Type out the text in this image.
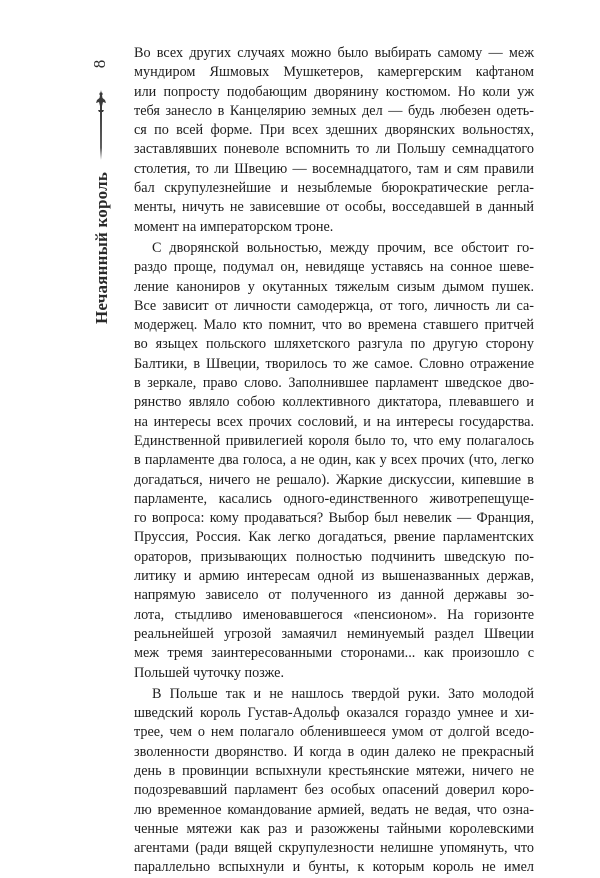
8
Нечаянный король
Во всех других случаях можно было выбирать самому — меж
мундиром Яшмовых Мушкетеров, камергерским кафтаном
или попросту подобающим дворянину костюмом. Но коли уж
тебя занесло в Канцелярию земных дел — будь любезен одеть-
ся по всей форме. При всех здешних дворянских вольностях,
заставлявших поневоле вспомнить то ли Польшу семнадцатого
столетия, то ли Швецию — восемнадцатого, там и сям правили
бал скрупулезнейшие и незыблемые бюрократические реглa-
менты, ничуть не зависевшие от особы, восседавшей в данный
момент на императорском троне.
С дворянской вольностью, между прочим, все обстоит го-
раздо проще, подумал он, невидяще уставясь на сонное шеве-
ление канониров у окутанных тяжелым сизым дымом пушек.
Все зависит от личности самодержца, от того, личность ли са-
модержец. Мало кто помнит, что во времена ставшего притчей
во языцех польского шляхетского разгула по другую сторону
Балтики, в Швеции, творилось то же самое. Словно отражение
в зеркале, право слово. Заполнившее парламент шведское дво-
рянство являло собою коллективного диктатора, плевавшего и
на интересы всех прочих сословий, и на интересы государства.
Единственной привилегией короля было то, что ему полагалось
в парламенте два голоса, а не один, как у всех прочих (что, легко
догадаться, ничего не решало). Жаркие дискуссии, кипевшие в
парламенте, касались одного-единственного животрепещуще-
го вопроса: кому продаваться? Выбор был невелик — Франция,
Пруссия, Россия. Как легко догадаться, рвение парламентских
ораторов, призывающих полностью подчинить шведскую по-
литику и армию интересам одной из вышеназванных держав,
напрямую зависело от полученного из данной державы зо-
лота, стыдливо именовавшегося «пенсионом». На горизонте
реальнейшей угрозой замаячил неминуемый раздел Швеции
меж тремя заинтересованными сторонами... как произошло с
Польшей чуточку позже.
В Польше так и не нашлось твердой руки. Зато молодой
шведский король Густав-Адольф оказался гораздо умнее и хи-
трее, чем о нем полагало обленившееся умом от долгой вседо-
зволенности дворянство. И когда в один далеко не прекрасный
день в провинции вспыхнули крестьянские мятежи, ничего не
подозревавший парламент без особых опасений доверил коро-
лю временное командование армией, ведать не ведая, что озна-
ченные мятежи как раз и разожжены тайными королевскими
агентами (ради вящей скрупулезности нелишне упомянуть, что
параллельно вспыхнули и бунты, к которым король не имел
